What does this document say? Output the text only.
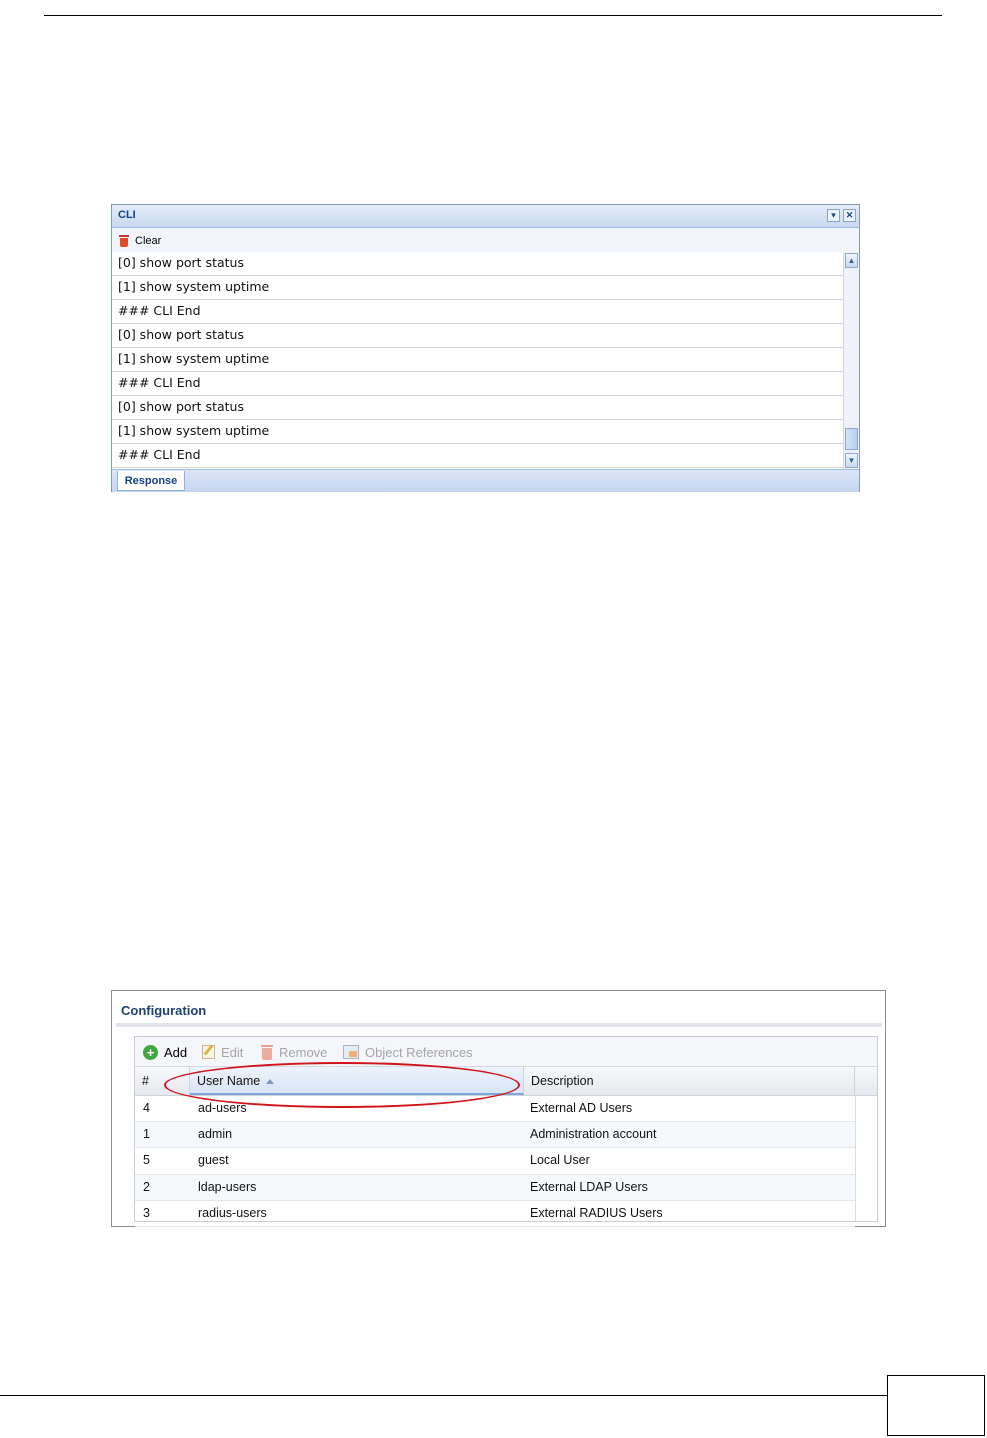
CLI	▾	✕
Clear
[0] show port status
[1] show system uptime
### CLI End
[0] show port status
[1] show system uptime
### CLI End
[0] show port status
[1] show system uptime
### CLI End
▲
▼
Response
Configuration
+ Add	Edit	Remove	Object References
#	User Name	Description
4	ad-users	External AD Users
1	admin	Administration account
5	guest	Local User
2	ldap-users	External LDAP Users
3	radius-users	External RADIUS Users
